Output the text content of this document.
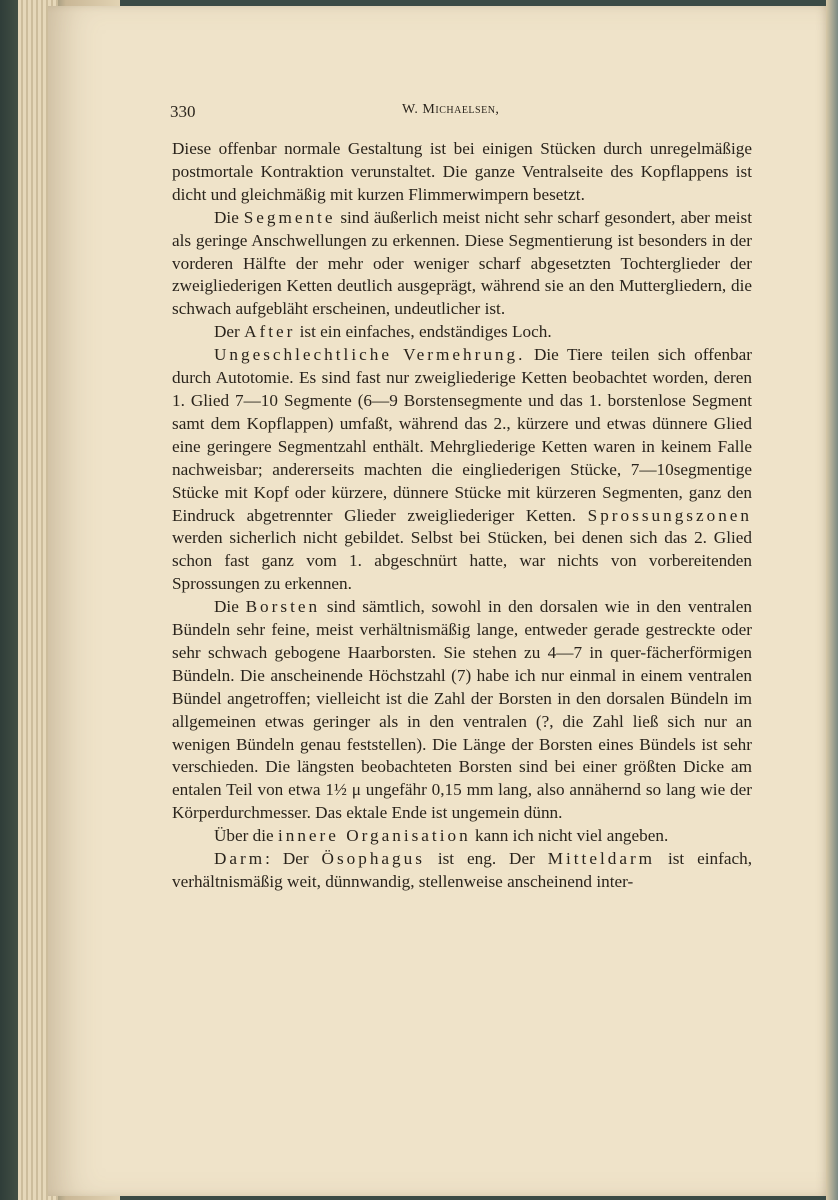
330	W. Michaelsen,

Diese offenbar normale Gestaltung ist bei einigen Stücken durch unregelmäßige postmortale Kontraktion verunstaltet. Die ganze Ventralseite des Kopflappens ist dicht und gleichmäßig mit kurzen Flimmerwimpern besetzt.

Die Segmente sind äußerlich meist nicht sehr scharf gesondert, aber meist als geringe Anschwellungen zu erkennen. Diese Segmentierung ist besonders in der vorderen Hälfte der mehr oder weniger scharf abgesetzten Tochterglieder der zweigliederigen Ketten deutlich ausgeprägt, während sie an den Muttergliedern, die schwach aufgebläht erscheinen, undeutlicher ist.

Der After ist ein einfaches, endständiges Loch.

Ungeschlechtliche Vermehrung. Die Tiere teilen sich offenbar durch Autotomie. Es sind fast nur zweigliederige Ketten beobachtet worden, deren 1. Glied 7—10 Segmente (6—9 Borstensegmente und das 1. borstenlose Segment samt dem Kopflappen) umfaßt, während das 2., kürzere und etwas dünnere Glied eine geringere Segmentzahl enthält. Mehrgliederige Ketten waren in keinem Falle nachweisbar; andererseits machten die eingliederigen Stücke, 7—10segmentige Stücke mit Kopf oder kürzere, dünnere Stücke mit kürzeren Segmenten, ganz den Eindruck abgetrennter Glieder zweigliederiger Ketten. Sprossungszonen werden sicherlich nicht gebildet. Selbst bei Stücken, bei denen sich das 2. Glied schon fast ganz vom 1. abgeschnürt hatte, war nichts von vorbereitenden Sprossungen zu erkennen.

Die Borsten sind sämtlich, sowohl in den dorsalen wie in den ventralen Bündeln sehr feine, meist verhältnismäßig lange, entweder gerade gestreckte oder sehr schwach gebogene Haarborsten. Sie stehen zu 4—7 in quer-fächerförmigen Bündeln. Die anscheinende Höchstzahl (7) habe ich nur einmal in einem ventralen Bündel angetroffen; vielleicht ist die Zahl der Borsten in den dorsalen Bündeln im allgemeinen etwas geringer als in den ventralen (?, die Zahl ließ sich nur an wenigen Bündeln genau feststellen). Die Länge der Borsten eines Bündels ist sehr verschieden. Die längsten beobachteten Borsten sind bei einer größten Dicke am entalen Teil von etwa 1½ μ ungefähr 0,15 mm lang, also annähernd so lang wie der Körperdurchmesser. Das ektale Ende ist ungemein dünn.

Über die innere Organisation kann ich nicht viel angeben.

Darm: Der Ösophagus ist eng. Der Mitteldarm ist einfach, verhältnismäßig weit, dünnwandig, stellenweise anscheinend inter-
